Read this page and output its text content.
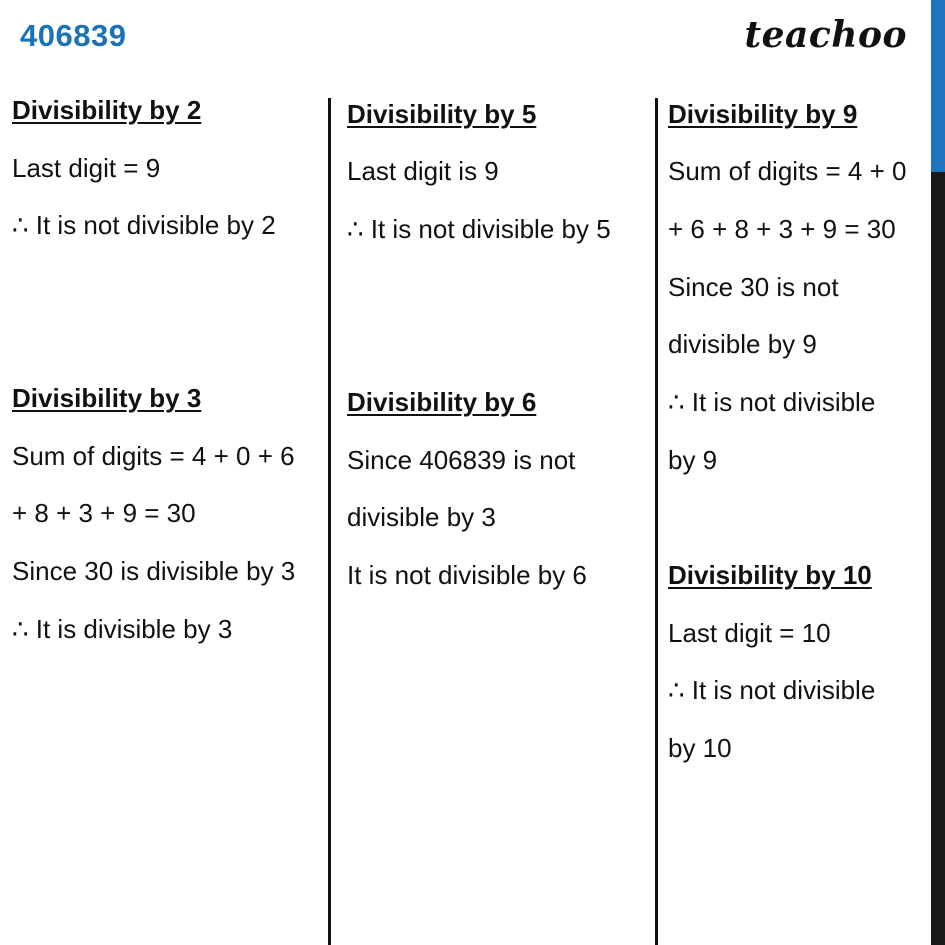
406839	teachoo
Divisibility by 2
Last digit = 9
∴ It is not divisible by 2
Divisibility by 3
Sum of digits = 4 + 0 + 6
+ 8 + 3 + 9 = 30
Since 30 is divisible by 3
∴ It is divisible by 3
Divisibility by 5
Last digit is 9
∴ It is not divisible by 5
Divisibility by 6
Since 406839 is not
divisible by 3
It is not divisible by 6
Divisibility by 9
Sum of digits = 4 + 0
+ 6 + 8 + 3 + 9 = 30
Since 30 is not
divisible by 9
∴ It is not divisible
by 9
Divisibility by 10
Last digit = 10
∴ It is not divisible
by 10
